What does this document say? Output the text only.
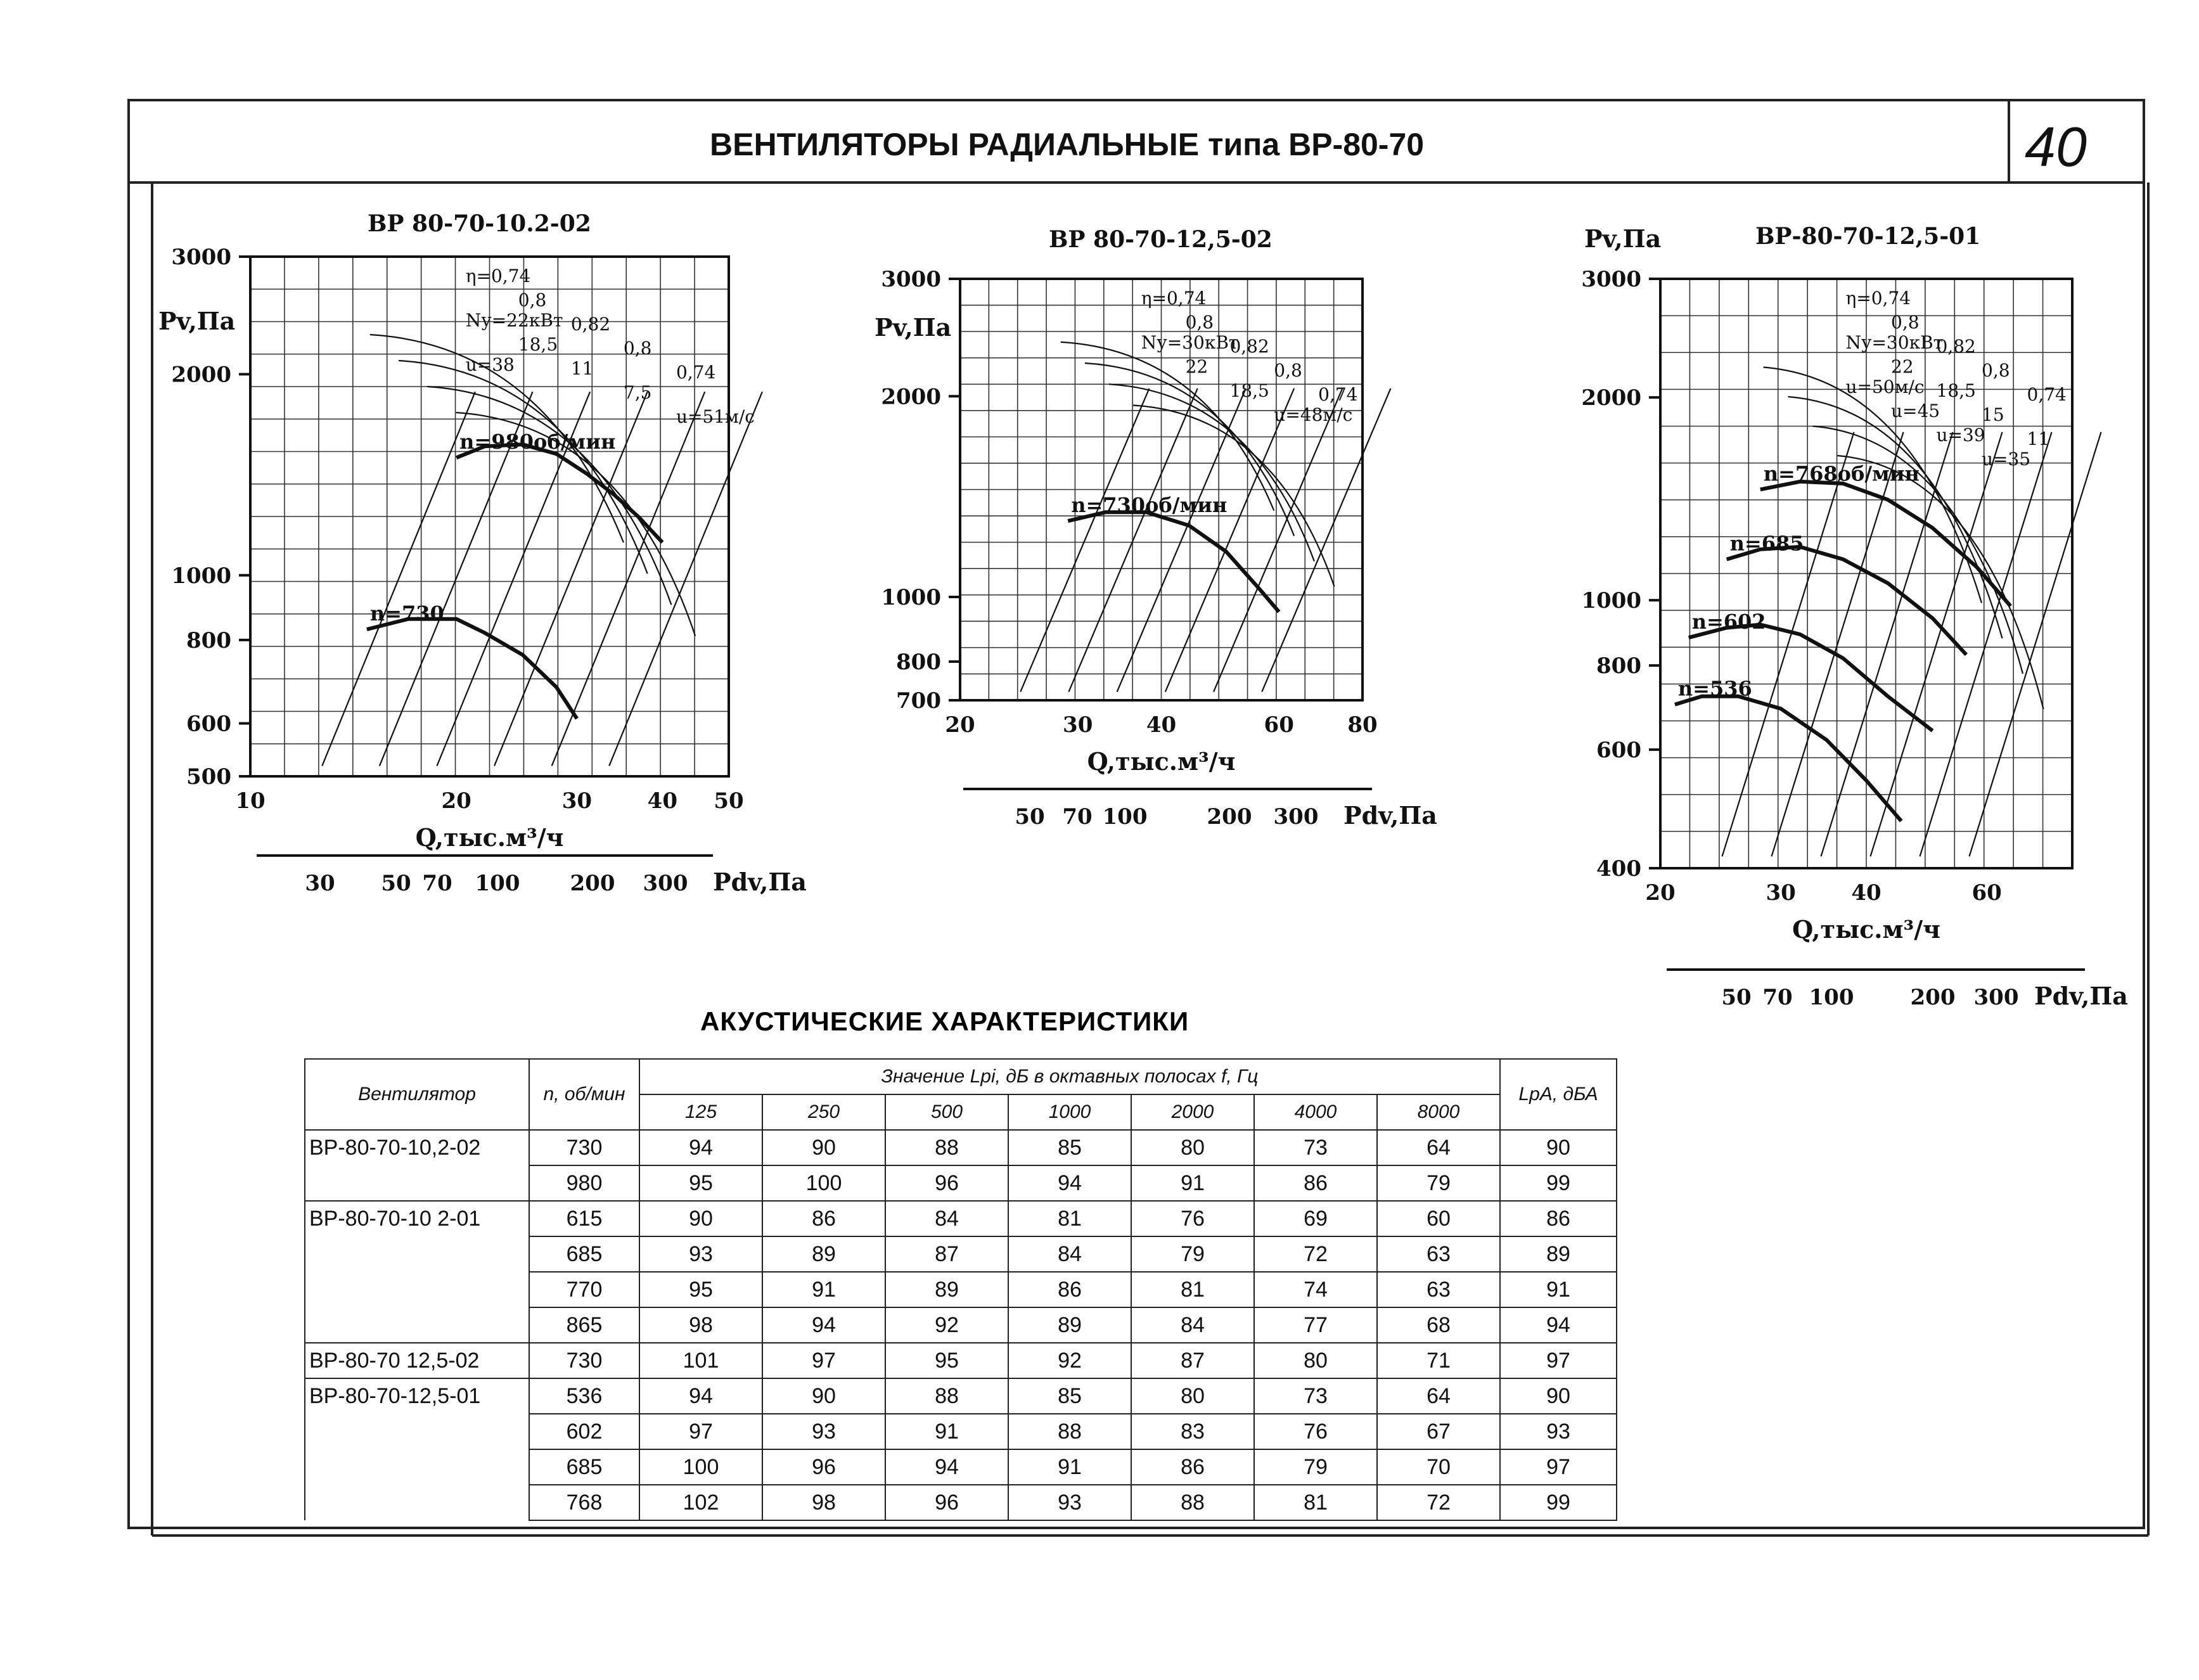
ВЕНТИЛЯТОРЫ РАДИАЛЬНЫЕ типа ВР-80-70	40
ВР 80-70-10.2-02
Pv,Па
500
600
800
1000
2000
3000
10	20	30	40 50
Q,тыс.м³/ч
30 50 70 100 200 300 Pdv,Па
n=980об/мин
n=730
η=0,74
0,8
0,82
0,8
0,74
Nу=22кВт
18,5
11
7,5
u=51м/с
u=38
ВР 80-70-12,5-02
Pv,Па
700
800
1000
2000
3000
20	30 40	60 80
Q,тыс.м³/ч
50 70 100	200 300 Pdv,Па
n=730об/мин
η=0,74
0,8
0,82
0,8
0,74
Nу=30кВт
22
18,5
u=48м/с
ВР-80-70-12,5-01
Pv,Па
400
600
800
1000
2000
3000
20	30	40	60
Q,тыс.м³/ч
50 70 100	200 300 Pdv,Па
n=768об/мин
n=685
n=602
n=536
η=0,74
0,8
0,82
0,8
0,74
Nу=30кВт
22
18,5
15
11
u=50м/с
u=45
u=39
u=35
АКУСТИЧЕСКИЕ ХАРАКТЕРИСТИКИ
Вентилятор	n, об/мин	Значение Lpi, дБ в октавных полосах f, Гц							LpA, дБА
		125	250	500	1000	2000	4000	8000	
ВР-80-70-10,2-02	730	94	90	88	85	80	73	64	90
	980	95	100	96	94	91	86	79	99
ВР-80-70-10 2-01	615	90	86	84	81	76	69	60	86
	685	93	89	87	84	79	72	63	89
	770	95	91	89	86	81	74	63	91
	865	98	94	92	89	84	77	68	94
ВР-80-70 12,5-02	730	101	97	95	92	87	80	71	97
ВР-80-70-12,5-01	536	94	90	88	85	80	73	64	90
	602	97	93	91	88	83	76	67	93
	685	100	96	94	91	86	79	70	97
	768	102	98	96	93	88	81	72	99
